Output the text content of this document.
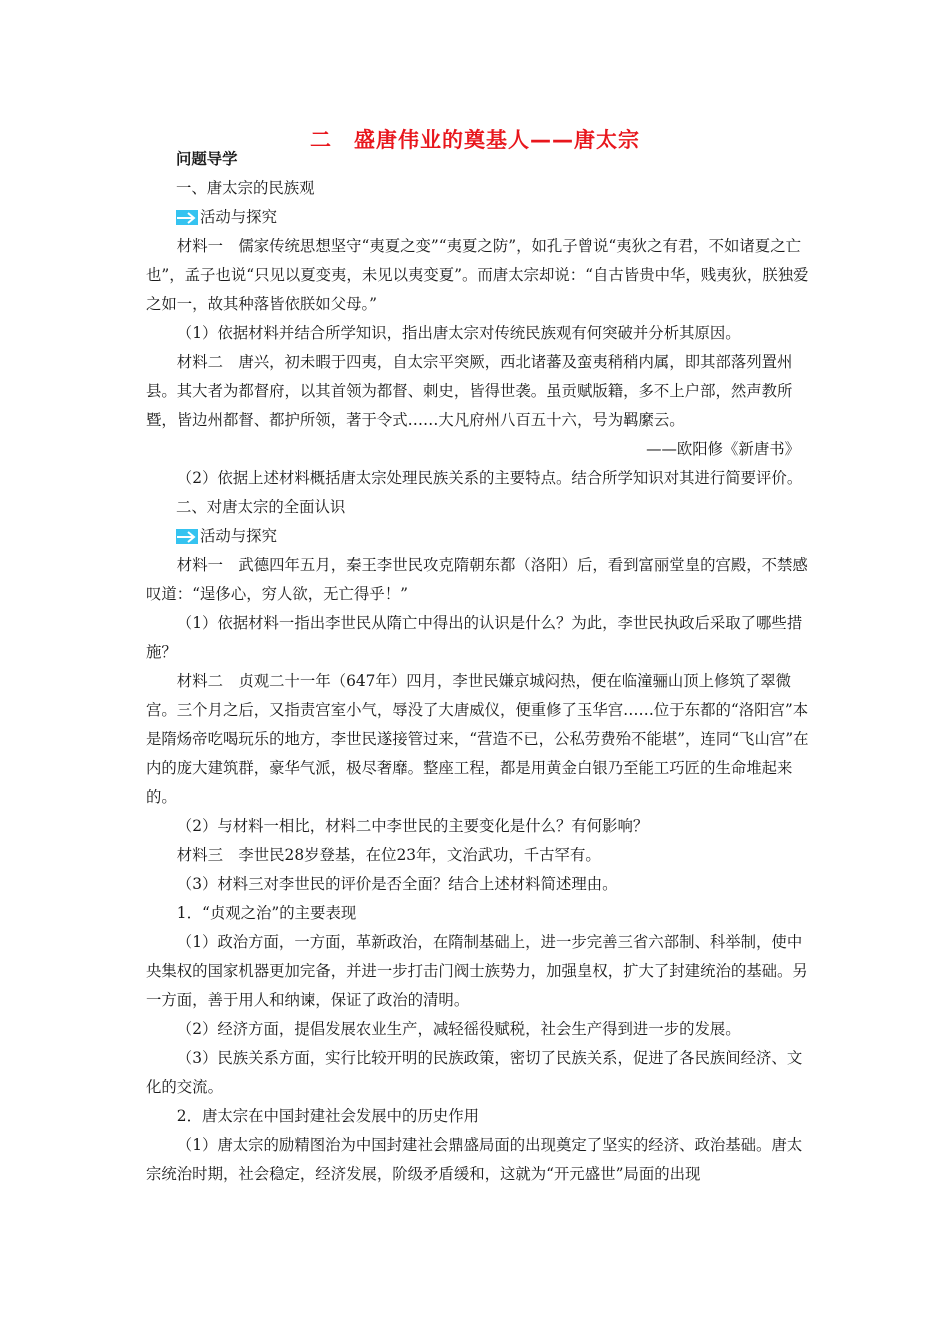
二　盛唐伟业的奠基人——唐太宗

问题导学

一、唐太宗的民族观

活动与探究

材料一　儒家传统思想坚守“夷夏之变”“夷夏之防”，如孔子曾说“夷狄之有君，不如诸夏之亡也”，孟子也说“只见以夏变夷，未见以夷变夏”。而唐太宗却说：“自古皆贵中华，贱夷狄，朕独爱之如一，故其种落皆依朕如父母。”

（1）依据材料并结合所学知识，指出唐太宗对传统民族观有何突破并分析其原因。

材料二　唐兴，初未暇于四夷，自太宗平突厥，西北诸蕃及蛮夷稍稍内属，即其部落列置州县。其大者为都督府，以其首领为都督、刺史，皆得世袭。虽贡赋版籍，多不上户部，然声教所暨，皆边州都督、都护所领，著于令式……大凡府州八百五十六，号为羁縻云。

——欧阳修《新唐书》

（2）依据上述材料概括唐太宗处理民族关系的主要特点。结合所学知识对其进行简要评价。

二、对唐太宗的全面认识

活动与探究

材料一　武德四年五月，秦王李世民攻克隋朝东都（洛阳）后，看到富丽堂皇的宫殿，不禁感叹道：“逞侈心，穷人欲，无亡得乎！”

（1）依据材料一指出李世民从隋亡中得出的认识是什么？为此，李世民执政后采取了哪些措施？

材料二　贞观二十一年（647年）四月，李世民嫌京城闷热，便在临潼骊山顶上修筑了翠微宫。三个月之后，又指责宫室小气，辱没了大唐威仪，便重修了玉华宫……位于东都的“洛阳宫”本是隋炀帝吃喝玩乐的地方，李世民遂接管过来，“营造不已，公私劳费殆不能堪”，连同“飞山宫”在内的庞大建筑群，豪华气派，极尽奢靡。整座工程，都是用黄金白银乃至能工巧匠的生命堆起来的。

（2）与材料一相比，材料二中李世民的主要变化是什么？有何影响？

材料三　李世民28岁登基，在位23年，文治武功，千古罕有。

（3）材料三对李世民的评价是否全面？结合上述材料简述理由。

1．“贞观之治”的主要表现

（1）政治方面，一方面，革新政治，在隋制基础上，进一步完善三省六部制、科举制，使中央集权的国家机器更加完备，并进一步打击门阀士族势力，加强皇权，扩大了封建统治的基础。另一方面，善于用人和纳谏，保证了政治的清明。

（2）经济方面，提倡发展农业生产，减轻徭役赋税，社会生产得到进一步的发展。

（3）民族关系方面，实行比较开明的民族政策，密切了民族关系，促进了各民族间经济、文化的交流。

2．唐太宗在中国封建社会发展中的历史作用

（1）唐太宗的励精图治为中国封建社会鼎盛局面的出现奠定了坚实的经济、政治基础。唐太宗统治时期，社会稳定，经济发展，阶级矛盾缓和，这就为“开元盛世”局面的出现
